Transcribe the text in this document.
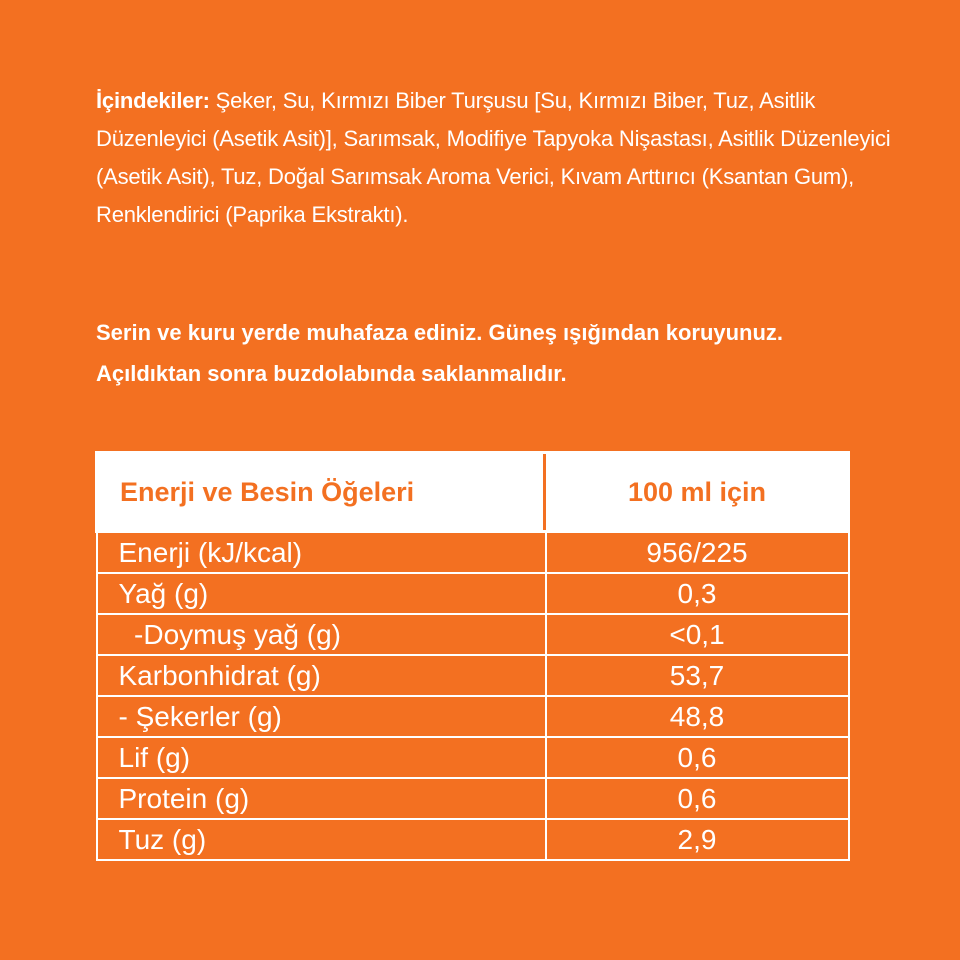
İçindekiler: Şeker, Su, Kırmızı Biber Turşusu [Su, Kırmızı Biber, Tuz, Asitlik Düzenleyici (Asetik Asit)], Sarımsak, Modifiye Tapyoka Nişastası, Asitlik Düzenleyici (Asetik Asit), Tuz, Doğal Sarımsak Aroma Verici, Kıvam Arttırıcı (Ksantan Gum), Renklendirici (Paprika Ekstraktı).
Serin ve kuru yerde muhafaza ediniz. Güneş ışığından koruyunuz.
Açıldıktan sonra buzdolabında saklanmalıdır.
Enerji ve Besin Öğeleri	100 ml için
Enerji (kJ/kcal)	956/225
Yağ (g)	0,3
-Doymuş yağ (g)	<0,1
Karbonhidrat (g)	53,7
- Şekerler (g)	48,8
Lif (g)	0,6
Protein (g)	0,6
Tuz (g)	2,9
